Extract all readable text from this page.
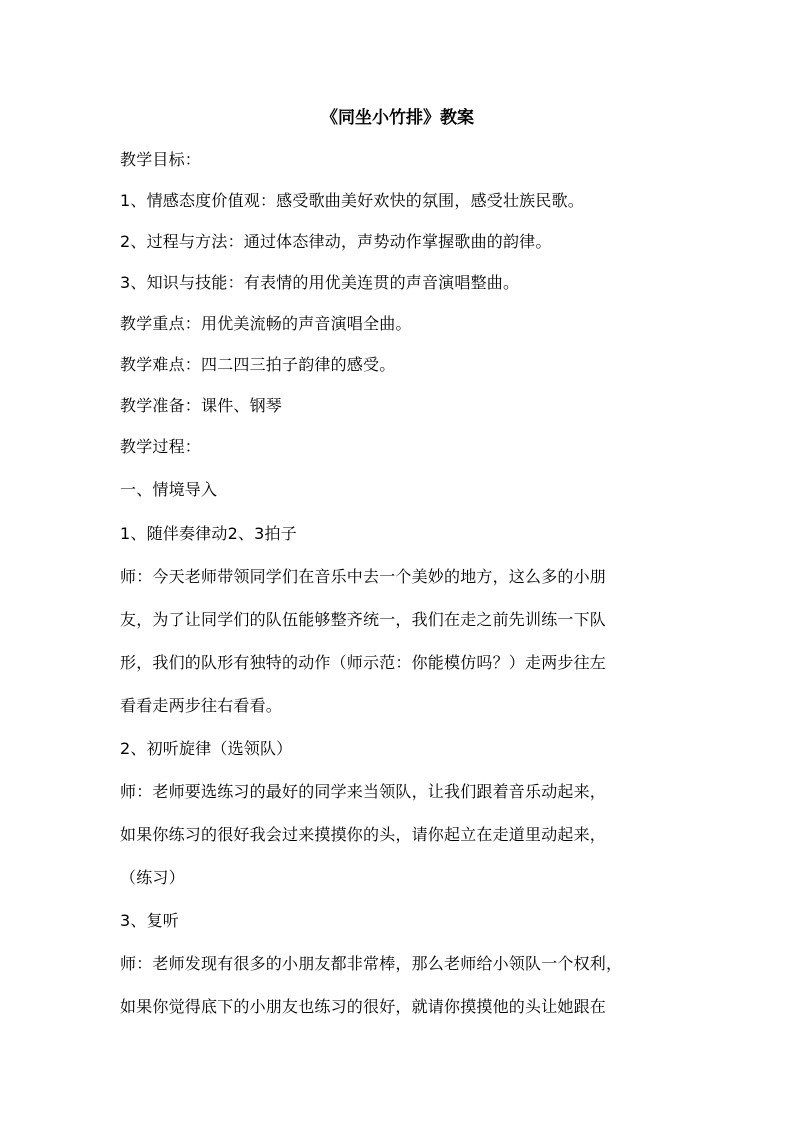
《同坐小竹排》教案
教学目标：
1、情感态度价值观：感受歌曲美好欢快的氛围，感受壮族民歌。
2、过程与方法：通过体态律动，声势动作掌握歌曲的韵律。
3、知识与技能：有表情的用优美连贯的声音演唱整曲。
教学重点：用优美流畅的声音演唱全曲。
教学难点：四二四三拍子韵律的感受。
教学准备：课件、钢琴
教学过程：
一、情境导入
1、随伴奏律动2、3拍子
师：今天老师带领同学们在音乐中去一个美妙的地方，这么多的小朋
友，为了让同学们的队伍能够整齐统一，我们在走之前先训练一下队
形，我们的队形有独特的动作（师示范：你能模仿吗？）走两步往左
看看走两步往右看看。
2、初听旋律（选领队）
师：老师要选练习的最好的同学来当领队，让我们跟着音乐动起来，
如果你练习的很好我会过来摸摸你的头，请你起立在走道里动起来，
（练习）
3、复听
师：老师发现有很多的小朋友都非常棒，那么老师给小领队一个权利，
如果你觉得底下的小朋友也练习的很好，就请你摸摸他的头让她跟在
